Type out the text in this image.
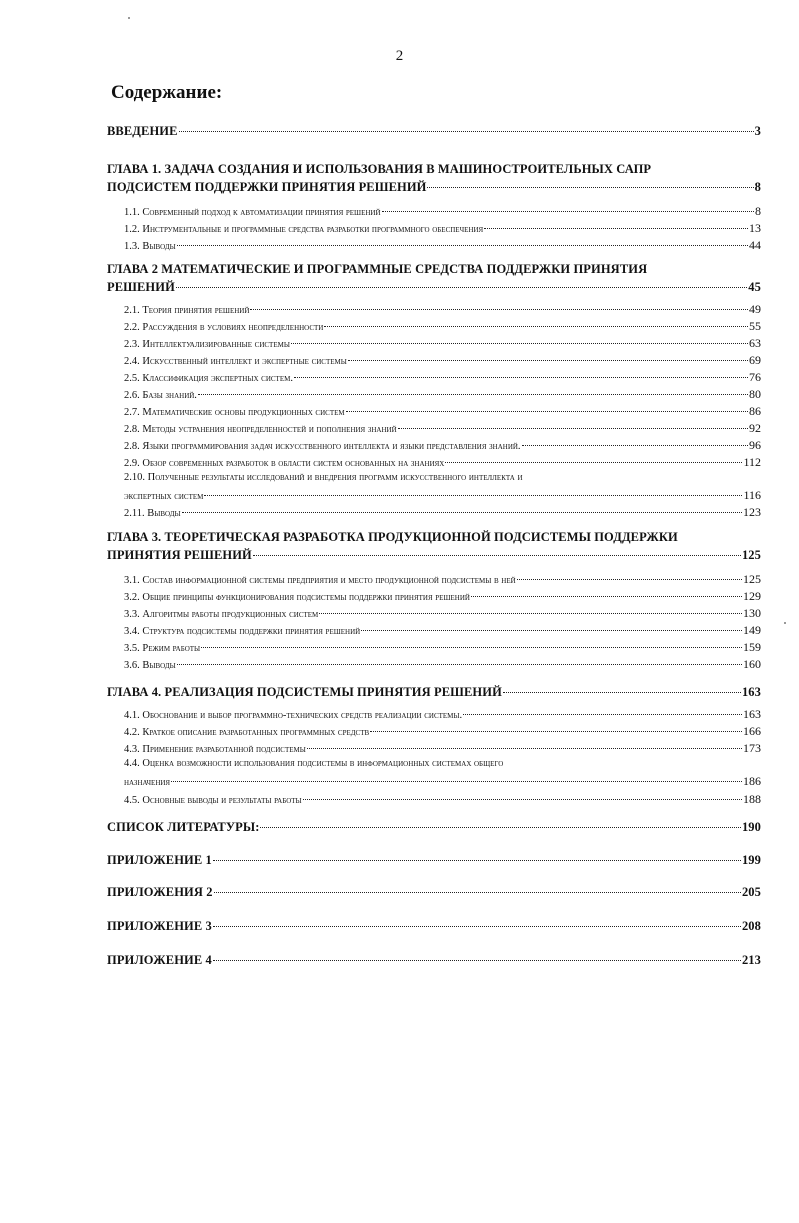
2
Содержание:
ВВЕДЕНИЕ	3
ГЛАВА 1. ЗАДАЧА СОЗДАНИЯ И ИСПОЛЬЗОВАНИЯ В МАШИНОСТРОИТЕЛЬНЫХ САПР
ПОДСИСТЕМ ПОДДЕРЖКИ ПРИНЯТИЯ РЕШЕНИЙ	8
1.1. Современный подход к автоматизации принятия решений	8
1.2. Инструментальные и программные средства разработки программного обеспечения	13
1.3. Выводы	44
ГЛАВА 2 МАТЕМАТИЧЕСКИЕ И ПРОГРАММНЫЕ СРЕДСТВА ПОДДЕРЖКИ ПРИНЯТИЯ
РЕШЕНИЙ	45
2.1. Теория принятия решений	49
2.2. Рассуждения в условиях неопределенности	55
2.3. Интеллектуализированные системы	63
2.4. Искусственный интеллект и экспертные системы	69
2.5. Классификация экспертных систем.	76
2.6. Базы знаний.	80
2.7. Математические основы продукционных систем	86
2.8. Методы устранения неопределенностей и пополнения знаний	92
2.8. Языки программирования задач искусственного интеллекта и языки представления знаний.	96
2.9. Обзор современных разработок в области систем основанных на знаниях	112
2.10. Полученные результаты исследований и внедрения программ искусственного интеллекта и
экспертных систем	116
2.11. Выводы	123
ГЛАВА 3. ТЕОРЕТИЧЕСКАЯ РАЗРАБОТКА ПРОДУКЦИОННОЙ ПОДСИСТЕМЫ ПОДДЕРЖКИ
ПРИНЯТИЯ РЕШЕНИЙ	125
3.1. Состав информационной системы предприятия и место продукционной подсистемы в ней	125
3.2. Общие принципы функционирования подсистемы поддержки принятия решений	129
3.3. Алгоритмы работы продукционных систем	130
3.4. Структура подсистемы поддержки принятия решений	149
3.5. Режим работы	159
3.6. Выводы	160
ГЛАВА 4. РЕАЛИЗАЦИЯ ПОДСИСТЕМЫ ПРИНЯТИЯ РЕШЕНИЙ	163
4.1. Обоснование и выбор программно-технических средств реализации системы.	163
4.2. Краткое описание разработанных программных средств	166
4.3. Применение разработанной подсистемы	173
4.4. Оценка возможности использования подсистемы в информационных системах общего
назначения	186
4.5. Основные выводы и результаты работы	188
СПИСОК ЛИТЕРАТУРЫ:	190
ПРИЛОЖЕНИЕ 1	199
ПРИЛОЖЕНИЯ 2	205
ПРИЛОЖЕНИЕ 3	208
ПРИЛОЖЕНИЕ 4	213
